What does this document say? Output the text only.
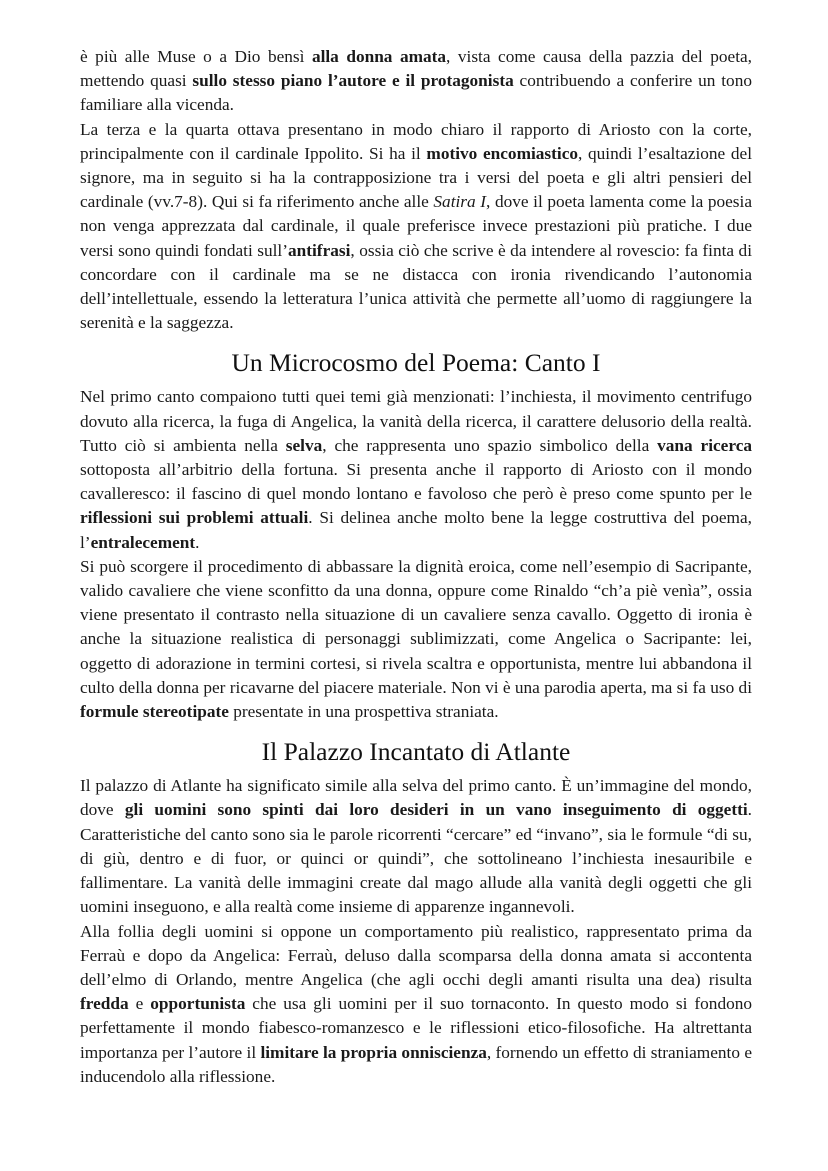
è più alle Muse o a Dio bensì alla donna amata, vista come causa della pazzia del poeta, mettendo quasi sullo stesso piano l’autore e il protagonista contribuendo a conferire un tono familiare alla vicenda.

La terza e la quarta ottava presentano in modo chiaro il rapporto di Ariosto con la corte, principalmente con il cardinale Ippolito. Si ha il motivo encomiastico, quindi l’esaltazione del signore, ma in seguito si ha la contrapposizione tra i versi del poeta e gli altri pensieri del cardinale (vv.7-8). Qui si fa riferimento anche alle Satira I, dove il poeta lamenta come la poesia non venga apprezzata dal cardinale, il quale preferisce invece prestazioni più pratiche. I due versi sono quindi fondati sull’antifrasi, ossia ciò che scrive è da intendere al rovescio: fa finta di concordare con il cardinale ma se ne distacca con ironia rivendicando l’autonomia dell’intellettuale, essendo la letteratura l’unica attività che permette all’uomo di raggiungere la serenità e la saggezza.

Un Microcosmo del Poema: Canto I

Nel primo canto compaiono tutti quei temi già menzionati: l’inchiesta, il movimento centrifugo dovuto alla ricerca, la fuga di Angelica, la vanità della ricerca, il carattere delusorio della realtà. Tutto ciò si ambienta nella selva, che rappresenta uno spazio simbolico della vana ricerca sottoposta all’arbitrio della fortuna. Si presenta anche il rapporto di Ariosto con il mondo cavalleresco: il fascino di quel mondo lontano e favoloso che però è preso come spunto per le riflessioni sui problemi attuali. Si delinea anche molto bene la legge costruttiva del poema, l’entralecement.

Si può scorgere il procedimento di abbassare la dignità eroica, come nell’esempio di Sacripante, valido cavaliere che viene sconfitto da una donna, oppure come Rinaldo “ch’a piè venìa”, ossia viene presentato il contrasto nella situazione di un cavaliere senza cavallo. Oggetto di ironia è anche la situazione realistica di personaggi sublimizzati, come Angelica o Sacripante: lei, oggetto di adorazione in termini cortesi, si rivela scaltra e opportunista, mentre lui abbandona il culto della donna per ricavarne del piacere materiale. Non vi è una parodia aperta, ma si fa uso di formule stereotipate presentate in una prospettiva straniata.

Il Palazzo Incantato di Atlante

Il palazzo di Atlante ha significato simile alla selva del primo canto. È un’immagine del mondo, dove gli uomini sono spinti dai loro desideri in un vano inseguimento di oggetti. Caratteristiche del canto sono sia le parole ricorrenti “cercare” ed “invano”, sia le formule “di su, di giù, dentro e di fuor, or quinci or quindi”, che sottolineano l’inchiesta inesauribile e fallimentare. La vanità delle immagini create dal mago allude alla vanità degli oggetti che gli uomini inseguono, e alla realtà come insieme di apparenze ingannevoli.

Alla follia degli uomini si oppone un comportamento più realistico, rappresentato prima da Ferraù e dopo da Angelica: Ferraù, deluso dalla scomparsa della donna amata si accontenta dell’elmo di Orlando, mentre Angelica (che agli occhi degli amanti risulta una dea) risulta fredda e opportunista che usa gli uomini per il suo tornaconto. In questo modo si fondono perfettamente il mondo fiabesco-romanzesco e le riflessioni etico-filosofiche. Ha altrettanta importanza per l’autore il limitare la propria onniscienza, fornendo un effetto di straniamento e inducendolo alla riflessione.
